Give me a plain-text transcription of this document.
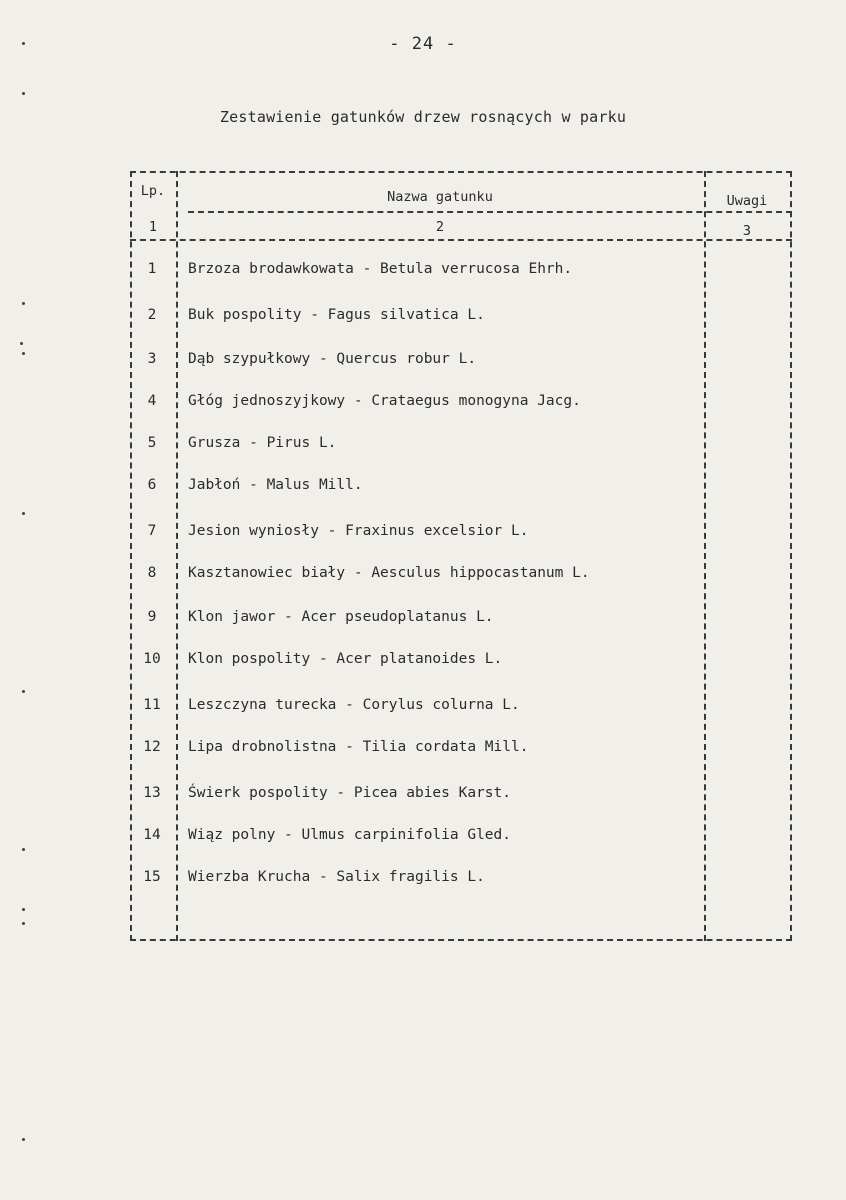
- 24 -
Zestawienie gatunków drzew rosnących w parku
Lp.	Nazwa gatunku	Uwagi
1	2	3
1	Brzoza brodawkowata - Betula verrucosa Ehrh.
2	Buk pospolity - Fagus silvatica L.
3	Dąb szypułkowy - Quercus robur L.
4	Głóg jednoszyjkowy - Crataegus monogyna Jacg.
5	Grusza - Pirus L.
6	Jabłoń - Malus Mill.
7	Jesion wyniosły - Fraxinus excelsior L.
8	Kasztanowiec biały - Aesculus hippocastanum L.
9	Klon jawor - Acer pseudoplatanus L.
10	Klon pospolity - Acer platanoides L.
11	Leszczyna turecka - Corylus colurna L.
12	Lipa drobnolistna - Tilia cordata Mill.
13	Świerk pospolity - Picea abies Karst.
14	Wiąz polny - Ulmus carpinifolia Gled.
15	Wierzba Krucha - Salix fragilis L.
